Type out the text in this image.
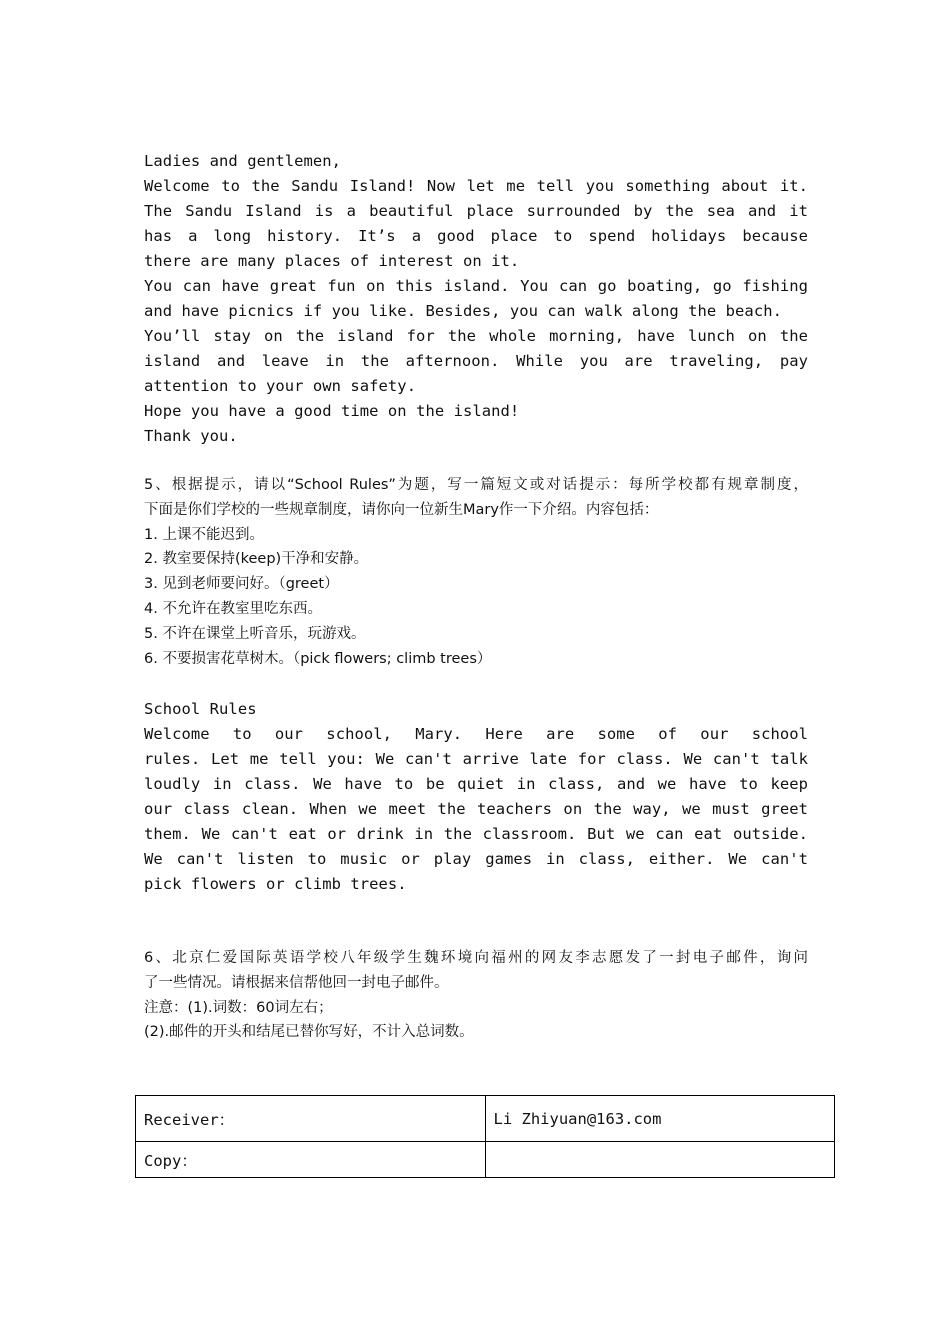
Ladies and gentlemen,
Welcome to the Sandu Island! Now let me tell you something about it.
The Sandu Island is a beautiful place surrounded by the sea and it
has a long history. It’s a good place to spend holidays because
there are many places of interest on it.
You can have great fun on this island. You can go boating, go fishing
and have picnics if you like. Besides, you can walk along the beach.
You’ll stay on the island for the whole morning, have lunch on the
island and leave in the afternoon. While you are traveling, pay
attention to your own safety.
Hope you have a good time on the island!
Thank you.
5、根据提示，请以“School Rules”为题，写一篇短文或对话提示：每所学校都有规章制度，
下面是你们学校的一些规章制度，请你向一位新生Mary作一下介绍。内容包括：
1. 上课不能迟到。
2. 教室要保持(keep)干净和安静。
3. 见到老师要问好。（greet）
4. 不允许在教室里吃东西。
5. 不许在课堂上听音乐，玩游戏。
6. 不要损害花草树木。（pick flowers; climb trees）
School Rules
Welcome to our school, Mary. Here are some of our school
rules. Let me tell you: We can't arrive late for class. We can't talk
loudly in class. We have to be quiet in class, and we have to keep
our class clean. When we meet the teachers on the way, we must greet
them. We can't eat or drink in the classroom. But we can eat outside.
We can't listen to music or play games in class, either. We can't
pick flowers or climb trees.
6、北京仁爱国际英语学校八年级学生魏环境向福州的网友李志愿发了一封电子邮件，询问
了一些情况。请根据来信帮他回一封电子邮件。
注意：(1).词数：60词左右；
(2).邮件的开头和结尾已替你写好，不计入总词数。
Receiver：	Li Zhiyuan@163.com
Copy：	
